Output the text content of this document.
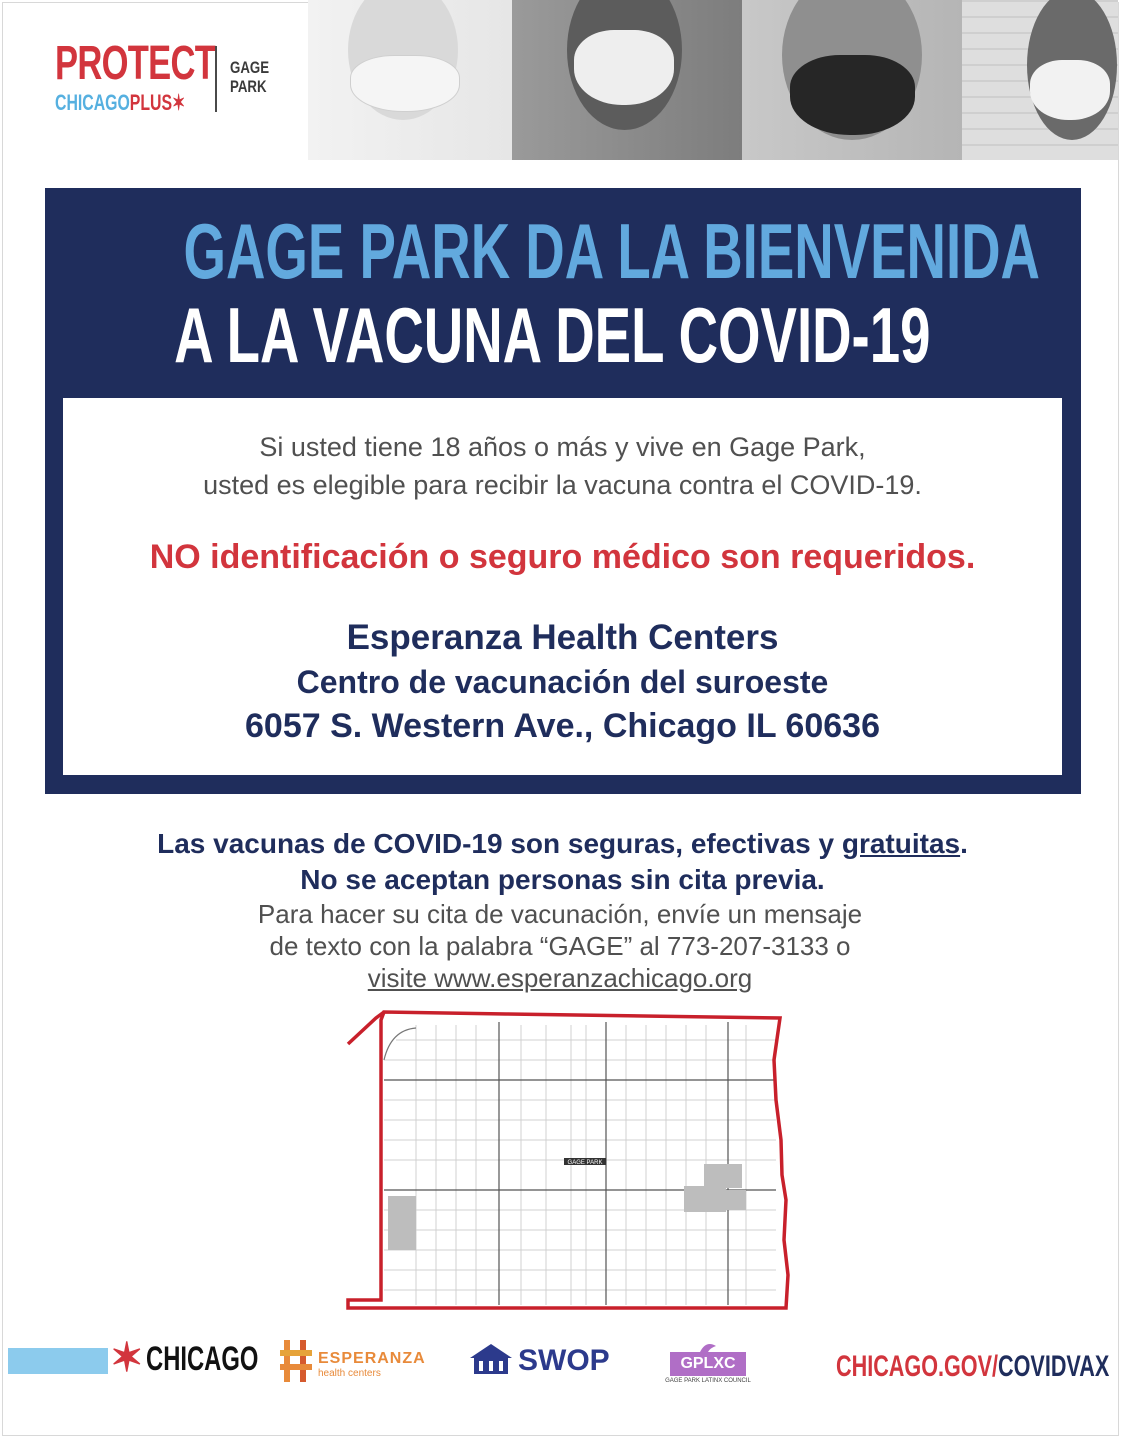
PROTECT
CHICAGOPLUS✶
GAGE
PARK
GAGE PARK DA LA BIENVENIDA
A LA VACUNA DEL COVID-19
Si usted tiene 18 años o más y vive en Gage Park,
usted es elegible para recibir la vacuna contra el COVID-19.
NO identificación o seguro médico son requeridos.
Esperanza Health Centers
Centro de vacunación del suroeste
6057 S. Western Ave., Chicago IL 60636
Las vacunas de COVID-19 son seguras, efectivas y gratuitas.
No se aceptan personas sin cita previa.
Para hacer su cita de vacunación, envíe un mensaje
de texto con la palabra “GAGE” al 773-207-3133 o
visite www.esperanzachicago.org
GAGE PARK
✶ CHICAGO	ESPERANZA
health centers	SWOP	GPLXC
GAGE PARK LATINX COUNCIL	CHICAGO.GOV/COVIDVAX
